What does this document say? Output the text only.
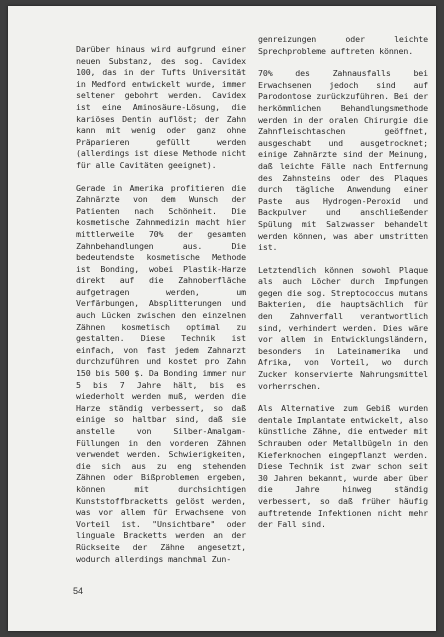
Darüber hinaus wird aufgrund einer neuen Substanz, des sog. Cavidex 100, das in der Tufts Universität in Medford entwickelt wurde, immer seltener gebohrt werden. Cavidex ist eine Aminosäure-Lösung, die kariöses Dentin auflöst; der Zahn kann mit wenig oder ganz ohne Präparieren gefüllt werden (allerdings ist diese Methode nicht für alle Cavitäten geeignet).

Gerade in Amerika profitieren die Zahnärzte von dem Wunsch der Patienten nach Schönheit. Die kosmetische Zahnmedizin macht hier mittlerweile 70% der gesamten Zahnbehandlungen aus. Die bedeutendste kosmetische Methode ist Bonding, wobei Plastik-Harze direkt auf die Zahnoberfläche aufgetragen werden, um Verfärbungen, Absplitterungen und auch Lücken zwischen den einzelnen Zähnen kosmetisch optimal zu gestalten. Diese Technik ist einfach, von fast jedem Zahnarzt durchzuführen und kostet pro Zahn 150 bis 500 $. Da Bonding immer nur 5 bis 7 Jahre hält, bis es wiederholt werden muß, werden die Harze ständig verbessert, so daß einige so haltbar sind, daß sie anstelle von Silber-Amalgam-Füllungen in den vorderen Zähnen verwendet werden. Schwierigkeiten, die sich aus zu eng stehenden Zähnen oder Bißproblemen ergeben, können mit durchsichtigen Kunststoffbracketts gelöst werden, was vor allem für Erwachsene von Vorteil ist. "Unsichtbare" oder linguale Bracketts werden an der Rückseite der Zähne angesetzt, wodurch allerdings manchmal Zun-

genreizungen oder leichte Sprechprobleme auftreten können.

70% des Zahnausfalls bei Erwachsenen jedoch sind auf Parodontose zurückzuführen. Bei der herkömmlichen Behandlungsmethode werden in der oralen Chirurgie die Zahnfleischtaschen geöffnet, ausgeschabt und ausgetrocknet; einige Zahnärzte sind der Meinung, daß leichte Fälle nach Entfernung des Zahnsteins oder des Plaques durch tägliche Anwendung einer Paste aus Hydrogen-Peroxid und Backpulver und anschließender Spülung mit Salzwasser behandelt werden können, was aber umstritten ist.

Letztendlich können sowohl Plaque als auch Löcher durch Impfungen gegen die sog. Streptococcus mutans Bakterien, die hauptsächlich für den Zahnverfall verantwortlich sind, verhindert werden. Dies wäre vor allem in Entwicklungsländern, besonders in Lateinamerika und Afrika, von Vorteil, wo durch Zucker konservierte Nahrungsmittel vorherrschen.

Als Alternative zum Gebiß wurden dentale Implantate entwickelt, also künstliche Zähne, die entweder mit Schrauben oder Metallbügeln in den Kieferknochen eingepflanzt werden. Diese Technik ist zwar schon seit 30 Jahren bekannt, wurde aber über die Jahre hinweg ständig verbessert, so daß früher häufig auftretende Infektionen nicht mehr der Fall sind.

54
